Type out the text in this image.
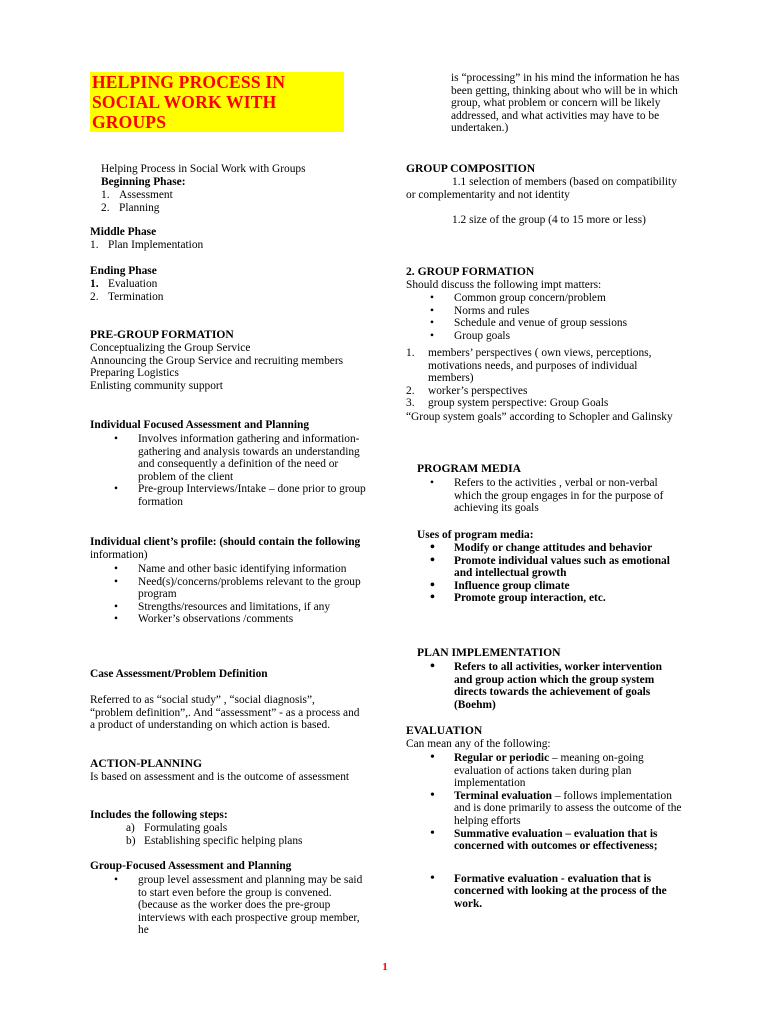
HELPING PROCESS IN SOCIAL WORK WITH GROUPS

Helping Process in Social Work with Groups

Beginning Phase:

1. Assessment
2. Planning

Middle Phase

1. Plan Implementation

Ending Phase

1. Evaluation
2. Termination

PRE-GROUP FORMATION

Conceptualizing the Group Service

Announcing the Group Service and recruiting members

Preparing Logistics

Enlisting community support

Individual Focused Assessment and Planning

• Involves information gathering and information-gathering and analysis towards an understanding and consequently a definition of the need or problem of the client
• Pre-group Interviews/Intake – done prior to group formation

Individual client’s profile: (should contain the following information)

• Name and other basic identifying information
• Need(s)/concerns/problems relevant to the group program
• Strengths/resources and limitations, if any
• Worker’s observations /comments

Case Assessment/Problem Definition

Referred to as “social study” , “social diagnosis”, “problem definition”,. And “assessment” - as a process and a product of understanding on which action is based.

ACTION-PLANNING

Is based on assessment and is the outcome of assessment

Includes the following steps:

a) Formulating goals
b) Establishing specific helping plans

Group-Focused Assessment and Planning

• group level assessment and planning may be said to start even before the group is convened. (because as the worker does the pre-group interviews with each prospective group member, he

is “processing” in his mind the information he has been getting, thinking about who will be in which group, what problem or concern will be likely addressed, and what activities may have to be undertaken.)

GROUP COMPOSITION

1.1 selection of members (based on compatibility or complementarity and not identity

1.2 size of the group (4 to 15 more or less)

2. GROUP FORMATION

Should discuss the following impt matters:

• Common group concern/problem
• Norms and rules
• Schedule and venue of group sessions
• Group goals
1. members’ perspectives ( own views, perceptions, motivations needs, and purposes of individual members)
2. worker’s perspectives
3. group system perspective: Group Goals

“Group system goals” according to Schopler and Galinsky

PROGRAM MEDIA

• Refers to the activities , verbal or non-verbal which the group engages in for the purpose of achieving its goals

Uses of program media:

• Modify or change attitudes and behavior
• Promote individual values such as emotional and intellectual growth
• Influence group climate
• Promote group interaction, etc.

PLAN IMPLEMENTATION

• Refers to all activities, worker intervention and group action which the group system directs towards the achievement of goals (Boehm)

EVALUATION

Can mean any of the following:

• Regular or periodic – meaning on-going evaluation of actions taken during plan implementation
• Terminal evaluation – follows implementation and is done primarily to assess the outcome of the helping efforts
• Summative evaluation – evaluation that is concerned with outcomes or effectiveness;
• Formative evaluation - evaluation that is concerned with looking at the process of the work.
1
